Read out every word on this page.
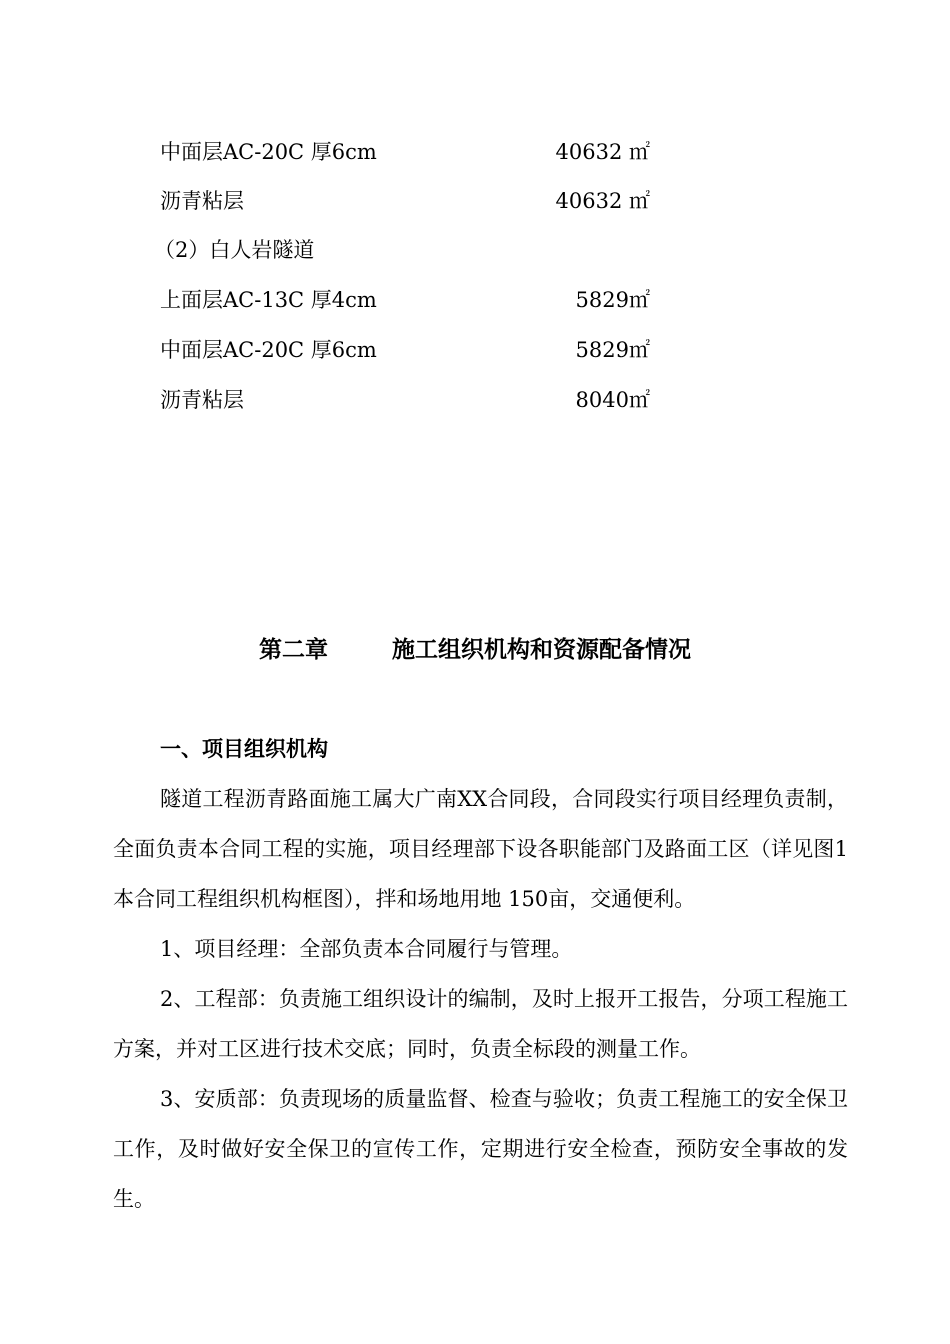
中面层AC-20C 厚6cm	40632 ㎡
沥青粘层	40632 ㎡
（2）白人岩隧道
上面层AC-13C 厚4cm	5829㎡
中面层AC-20C 厚6cm	5829㎡
沥青粘层	8040㎡
第二章        施工组织机构和资源配备情况
一、项目组织机构

隧道工程沥青路面施工属大广南XX合同段，合同段实行项目经理负责制，全面负责本合同工程的实施，项目经理部下设各职能部门及路面工区（详见图1本合同工程组织机构框图），拌和场地用地 150亩，交通便利。

1、项目经理：全部负责本合同履行与管理。

2、工程部：负责施工组织设计的编制，及时上报开工报告，分项工程施工方案，并对工区进行技术交底；同时，负责全标段的测量工作。

3、安质部：负责现场的质量监督、检查与验收；负责工程施工的安全保卫工作，及时做好安全保卫的宣传工作，定期进行安全检查，预防安全事故的发生。
